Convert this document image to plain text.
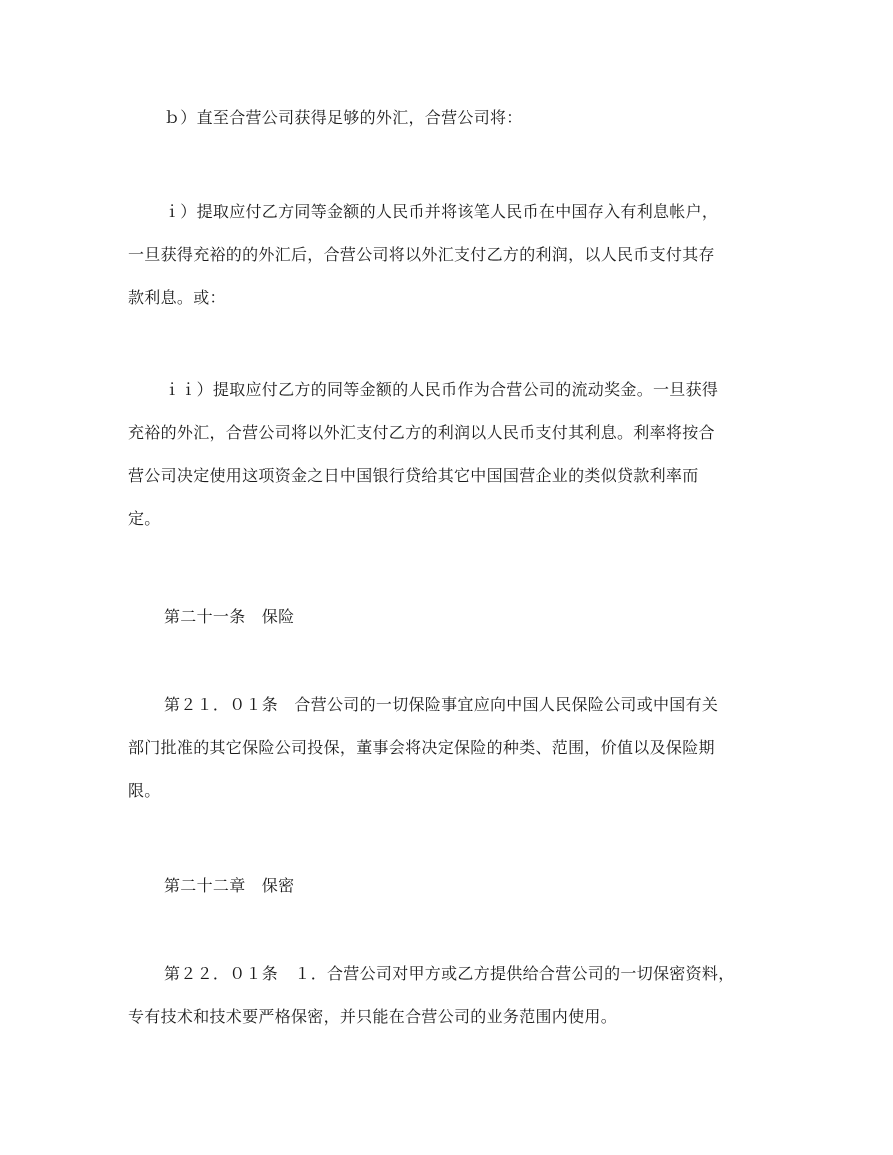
ｂ）直至合营公司获得足够的外汇，合营公司将：

ｉ）提取应付乙方同等金额的人民币并将该笔人民币在中国存入有利息帐户，
一旦获得充裕的的外汇后，合营公司将以外汇支付乙方的利润，以人民币支付其存
款利息。或：

ｉｉ）提取应付乙方的同等金额的人民币作为合营公司的流动奖金。一旦获得
充裕的外汇，合营公司将以外汇支付乙方的利润以人民币支付其利息。利率将按合
营公司决定使用这项资金之日中国银行贷给其它中国国营企业的类似贷款利率而
定。

第二十一条　保险

第２１．０１条　合营公司的一切保险事宜应向中国人民保险公司或中国有关
部门批准的其它保险公司投保，董事会将决定保险的种类、范围，价值以及保险期
限。

第二十二章　保密

第２２．０１条　１．合营公司对甲方或乙方提供给合营公司的一切保密资料，
专有技术和技术要严格保密，并只能在合营公司的业务范围内使用。
